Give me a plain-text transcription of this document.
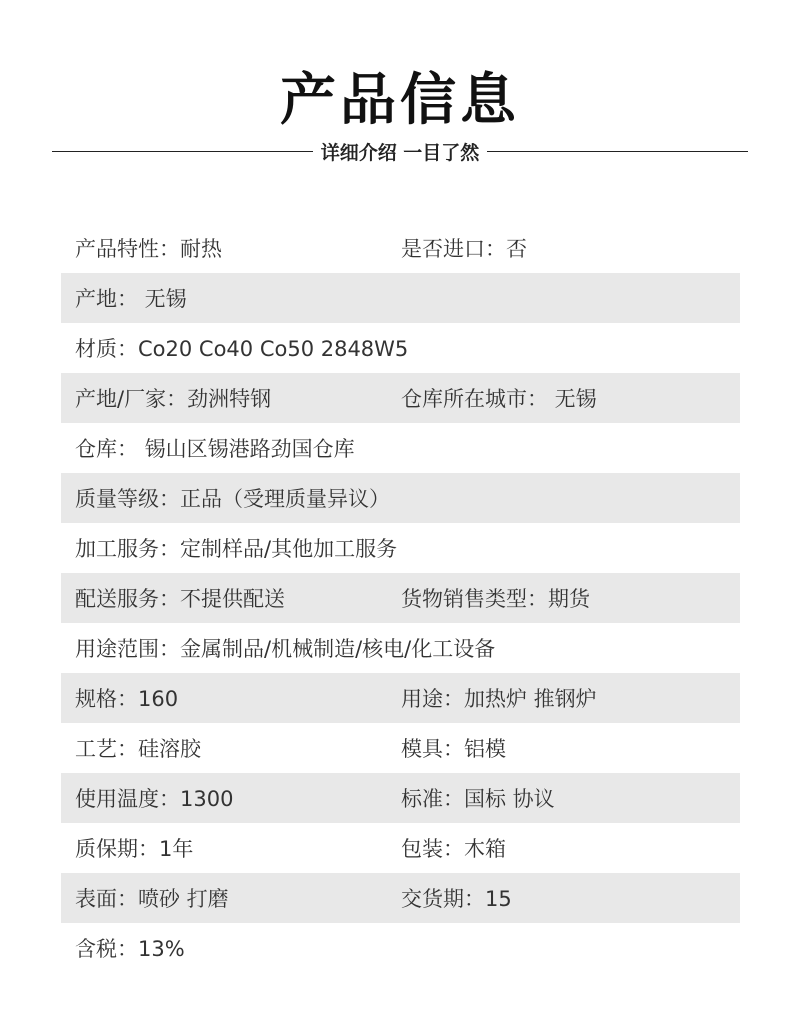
产品信息
详细介绍 一目了然
产品特性：耐热	是否进口：否
产地： 无锡
材质：Co20 Co40 Co50 2848W5
产地/厂家：劲洲特钢	仓库所在城市： 无锡
仓库： 锡山区锡港路劲国仓库
质量等级：正品（受理质量异议）
加工服务：定制样品/其他加工服务
配送服务：不提供配送	货物销售类型：期货
用途范围：金属制品/机械制造/核电/化工设备
规格：160	用途：加热炉 推钢炉
工艺：硅溶胶	模具：铝模
使用温度：1300	标准：国标 协议
质保期：1年	包装：木箱
表面：喷砂 打磨	交货期：15
含税：13%
